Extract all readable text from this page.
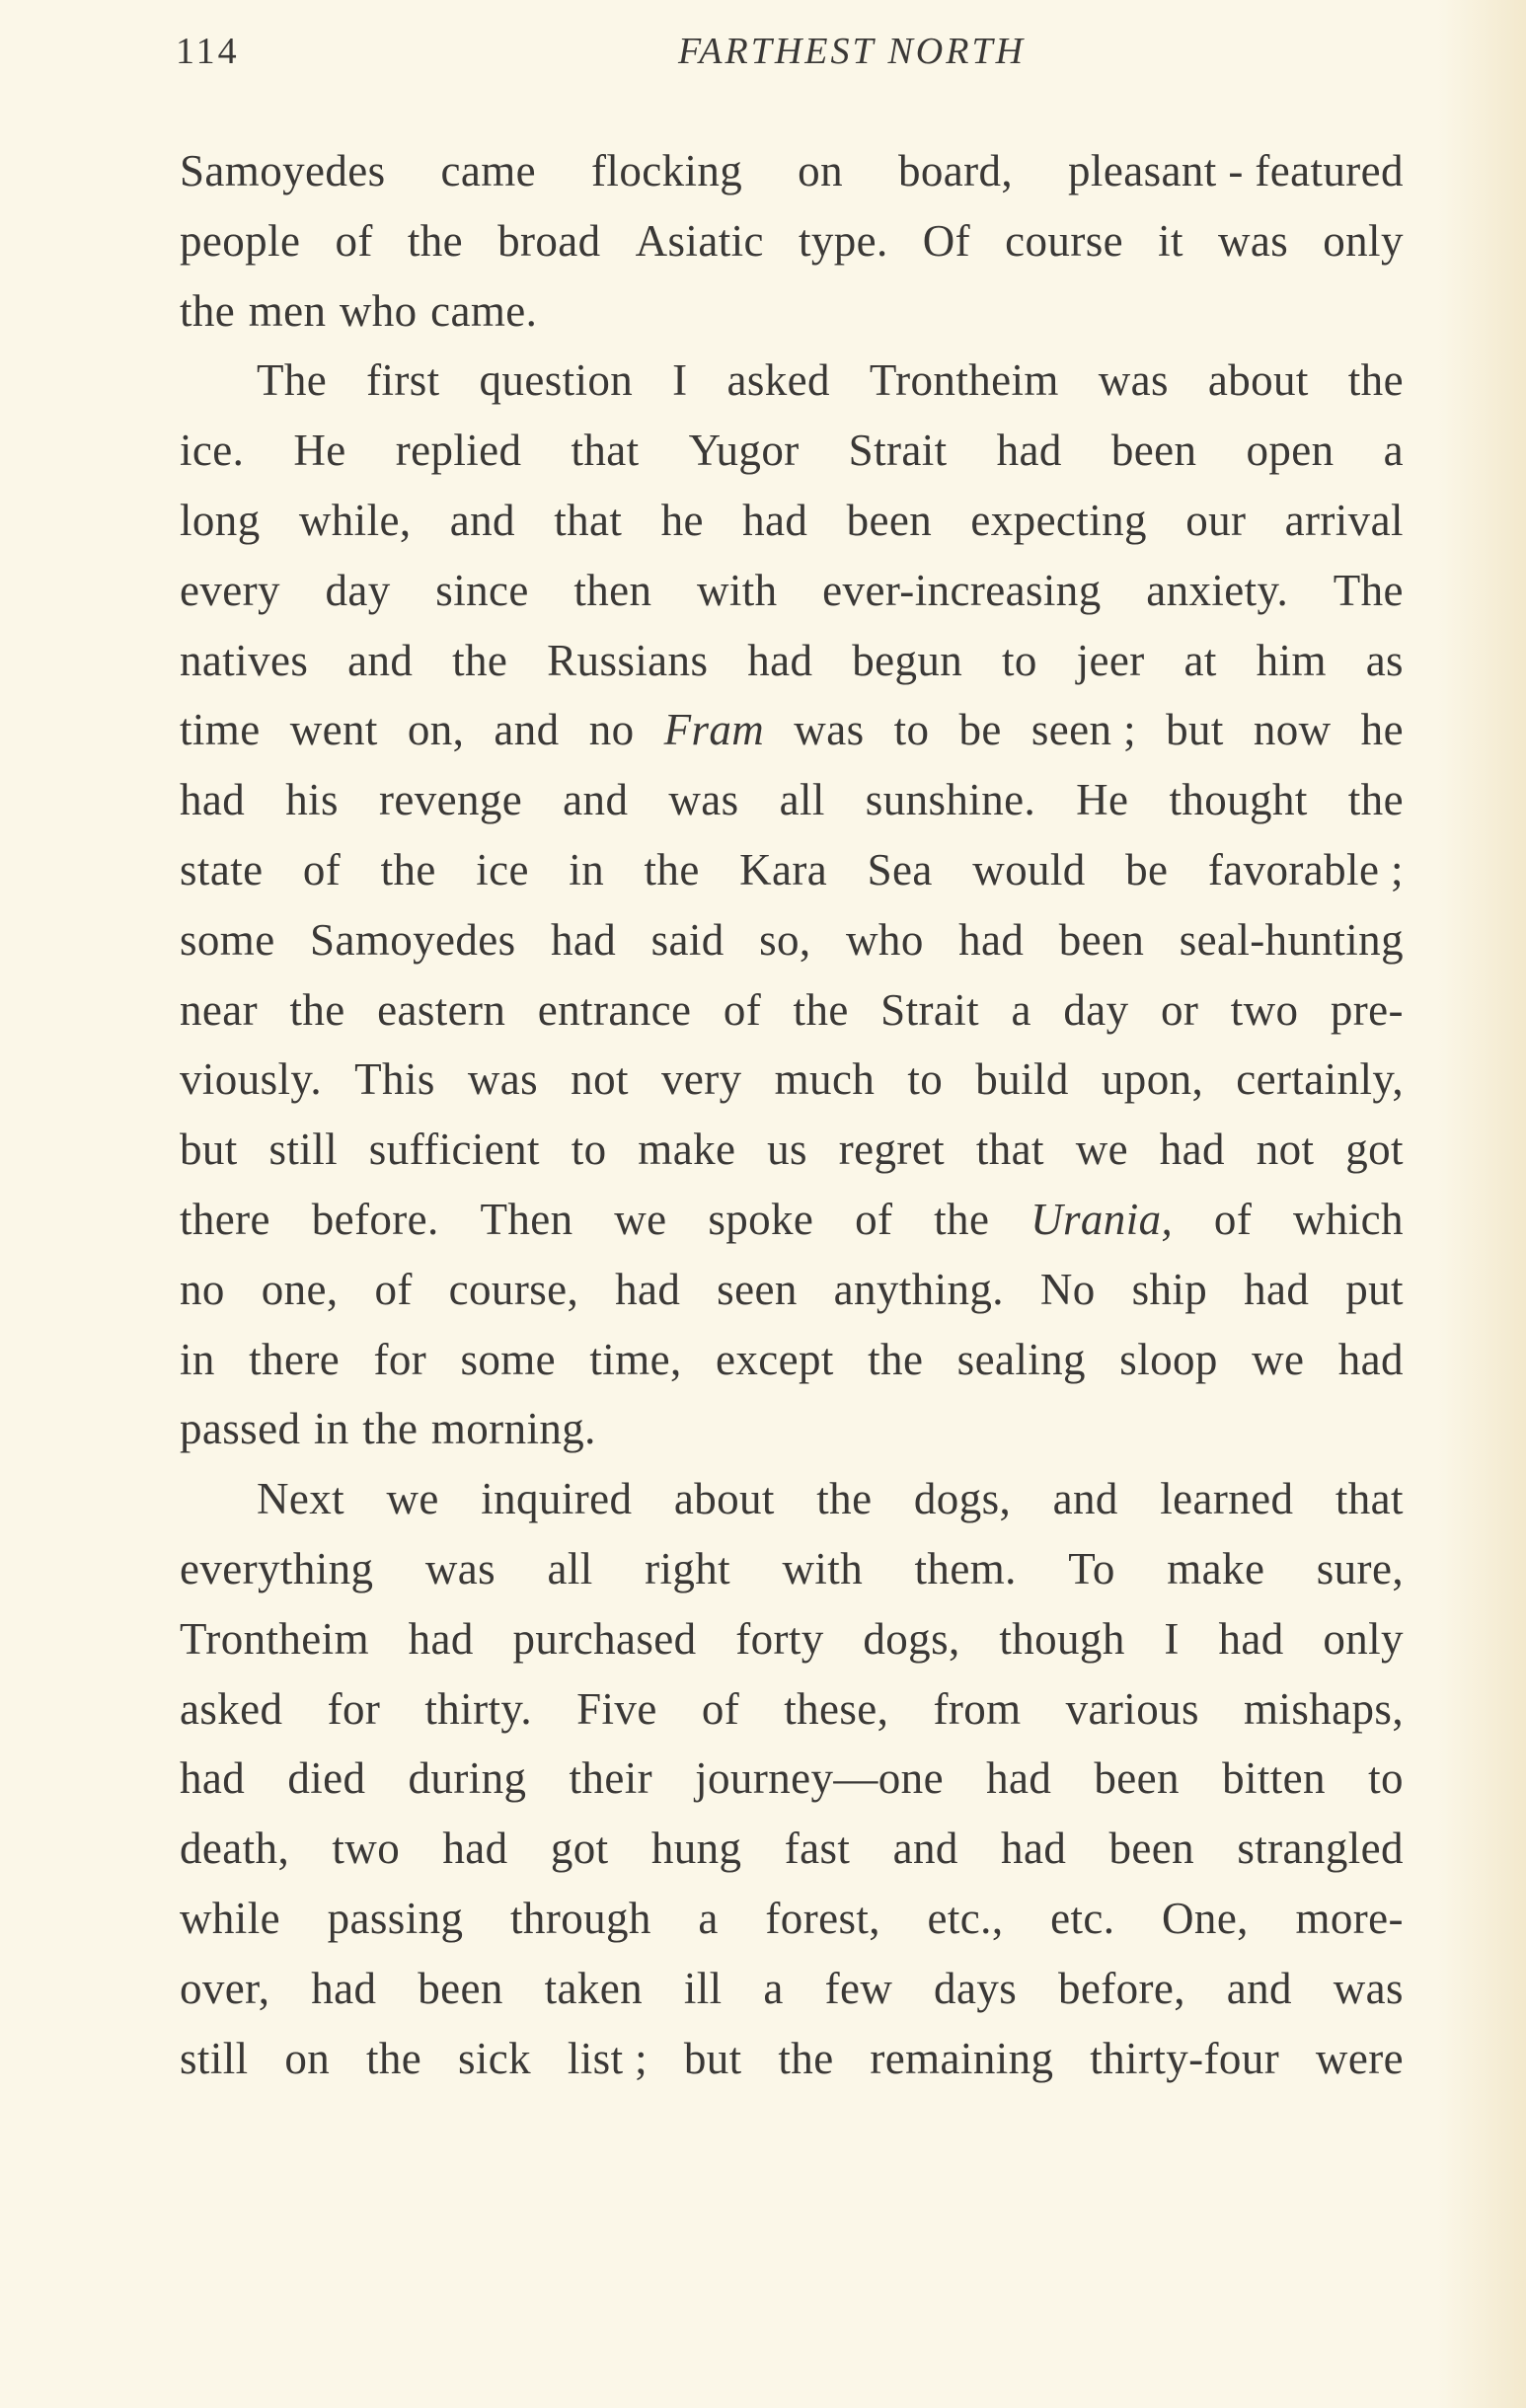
114	FARTHEST NORTH
Samoyedes came flocking on board, pleasant - featured
people of the broad Asiatic type. Of course it was only
the men who came.
The first question I asked Trontheim was about the
ice. He replied that Yugor Strait had been open a
long while, and that he had been expecting our arrival
every day since then with ever-increasing anxiety. The
natives and the Russians had begun to jeer at him as
time went on, and no Fram was to be seen ; but now he
had his revenge and was all sunshine. He thought the
state of the ice in the Kara Sea would be favorable ;
some Samoyedes had said so, who had been seal-hunting
near the eastern entrance of the Strait a day or two pre-
viously. This was not very much to build upon, certainly,
but still sufficient to make us regret that we had not got
there before. Then we spoke of the Urania, of which
no one, of course, had seen anything. No ship had put
in there for some time, except the sealing sloop we had
passed in the morning.
Next we inquired about the dogs, and learned that
everything was all right with them. To make sure,
Trontheim had purchased forty dogs, though I had only
asked for thirty. Five of these, from various mishaps,
had died during their journey—one had been bitten to
death, two had got hung fast and had been strangled
while passing through a forest, etc., etc. One, more-
over, had been taken ill a few days before, and was
still on the sick list ; but the remaining thirty-four were
